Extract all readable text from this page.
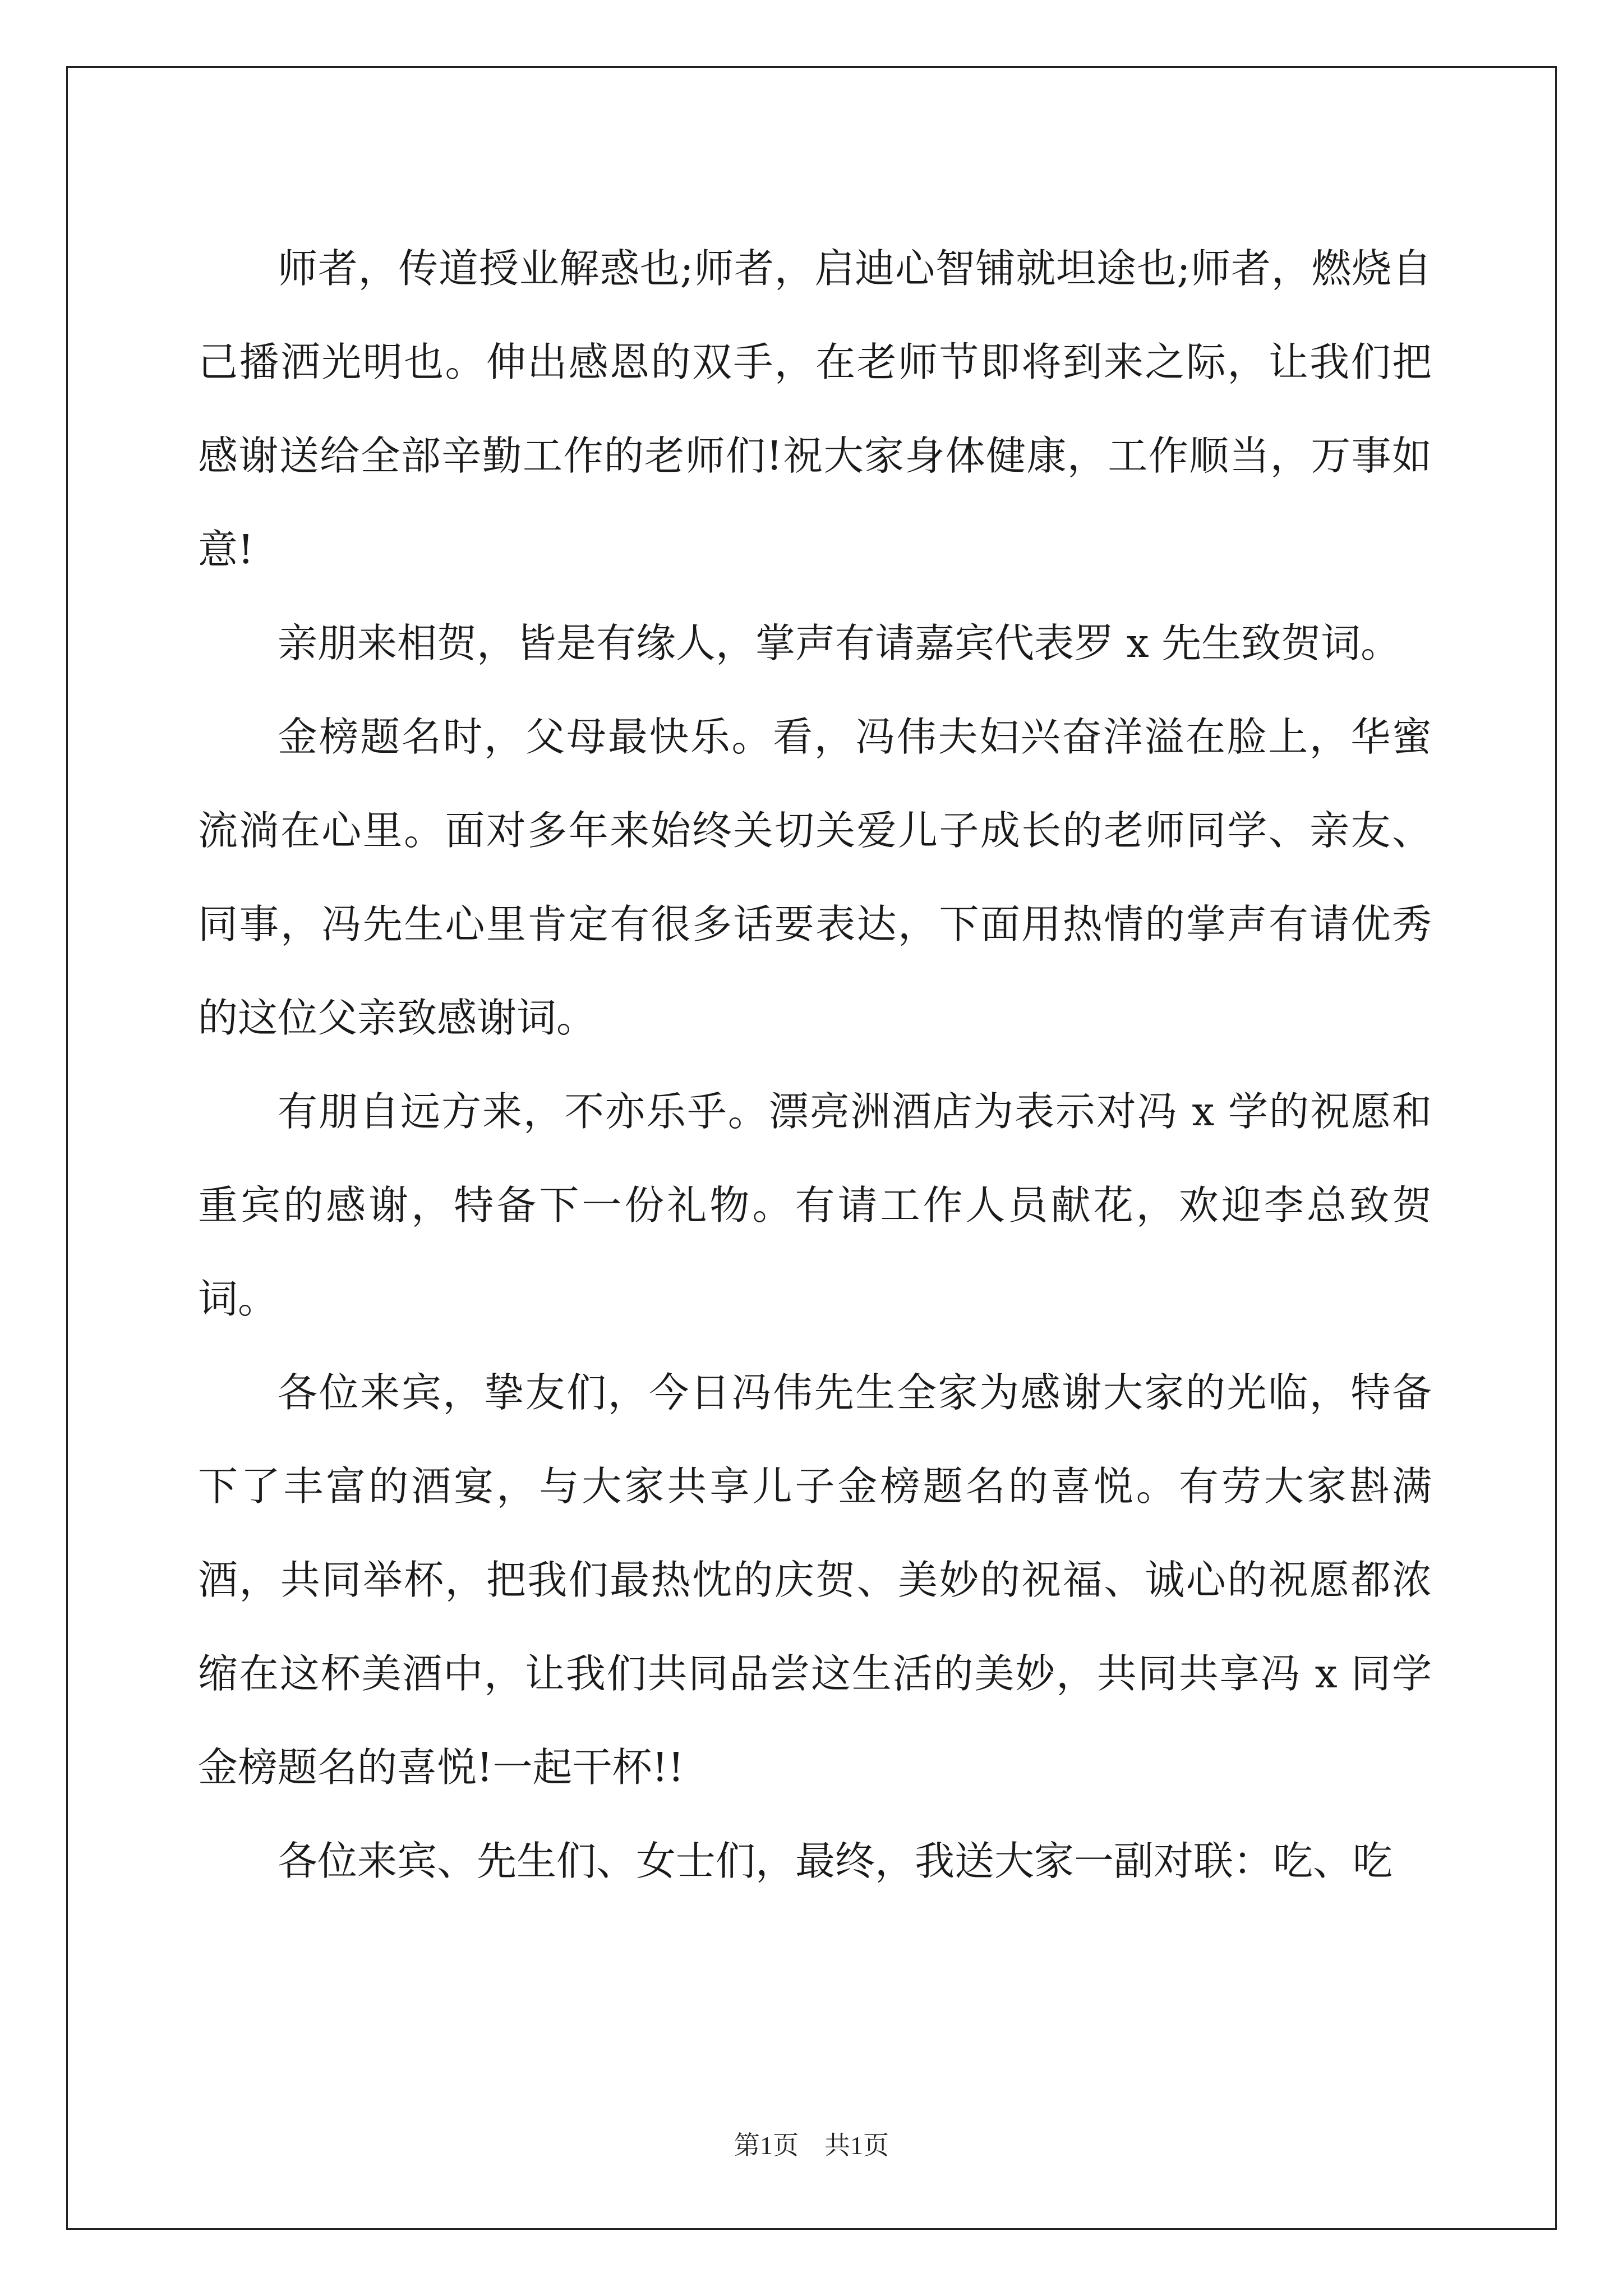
师者，传道授业解惑也;师者，启迪心智铺就坦途也;师者，燃烧自己播洒光明也。伸出感恩的双手，在老师节即将到来之际，让我们把感谢送给全部辛勤工作的老师们!祝大家身体健康，工作顺当，万事如意!

亲朋来相贺，皆是有缘人，掌声有请嘉宾代表罗 x 先生致贺词。

金榜题名时，父母最快乐。看，冯伟夫妇兴奋洋溢在脸上，华蜜流淌在心里。面对多年来始终关切关爱儿子成长的老师同学、亲友、同事，冯先生心里肯定有很多话要表达，下面用热情的掌声有请优秀的这位父亲致感谢词。

有朋自远方来，不亦乐乎。漂亮洲酒店为表示对冯 x 学的祝愿和重宾的感谢，特备下一份礼物。有请工作人员献花，欢迎李总致贺词。

各位来宾，挚友们，今日冯伟先生全家为感谢大家的光临，特备下了丰富的酒宴，与大家共享儿子金榜题名的喜悦。有劳大家斟满酒，共同举杯，把我们最热忱的庆贺、美妙的祝福、诚心的祝愿都浓缩在这杯美酒中，让我们共同品尝这生活的美妙，共同共享冯 x 同学金榜题名的喜悦!一起干杯!!

各位来宾、先生们、女士们，最终，我送大家一副对联：吃、吃

第1页 共1页
